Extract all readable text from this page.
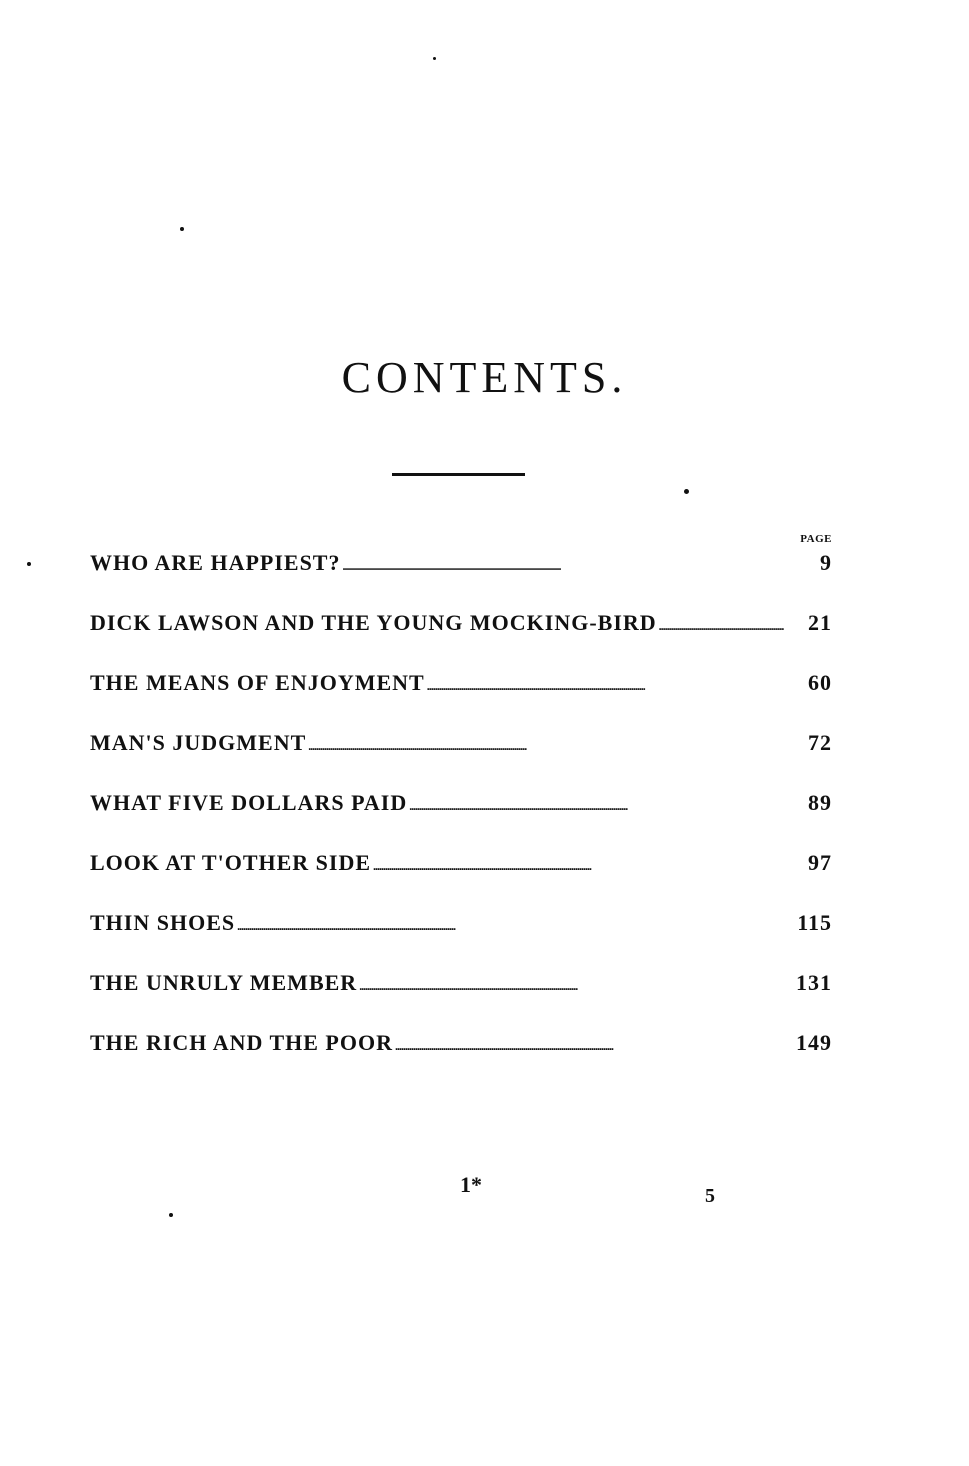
CONTENTS.
PAGE
WHO ARE HAPPIEST? . . .	9
DICK LAWSON AND THE YOUNG MOCKING-BIRD . . .	21
THE MEANS OF ENJOYMENT . . .	60
MAN'S JUDGMENT . . .	72
WHAT FIVE DOLLARS PAID . . .	89
LOOK AT T'OTHER SIDE . . .	97
THIN SHOES . . .	115
THE UNRULY MEMBER . . .	131
THE RICH AND THE POOR . . .	149
1*	5
